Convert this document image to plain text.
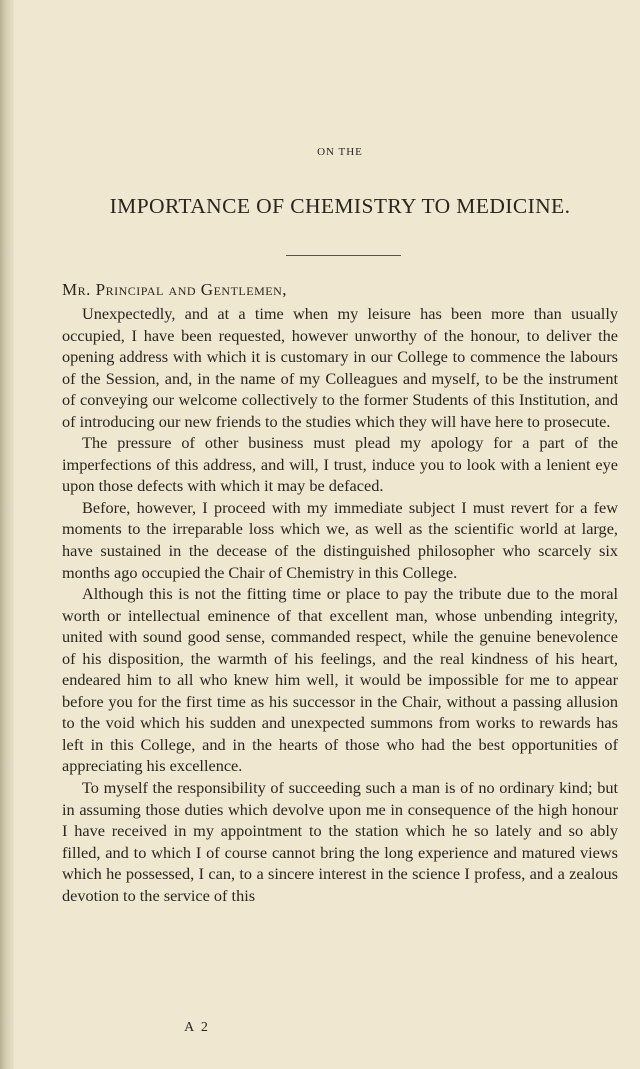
ON THE
IMPORTANCE OF CHEMISTRY TO MEDICINE.
Mr. Principal and Gentlemen,

Unexpectedly, and at a time when my leisure has been more than usually occupied, I have been requested, however unworthy of the honour, to deliver the opening address with which it is customary in our College to commence the labours of the Session, and, in the name of my Colleagues and myself, to be the instrument of conveying our welcome collectively to the former Students of this Institution, and of introducing our new friends to the studies which they will have here to prosecute.

The pressure of other business must plead my apology for a part of the imperfections of this address, and will, I trust, induce you to look with a lenient eye upon those defects with which it may be defaced.

Before, however, I proceed with my immediate subject I must revert for a few moments to the irreparable loss which we, as well as the scientific world at large, have sustained in the decease of the distinguished philosopher who scarcely six months ago occupied the Chair of Chemistry in this College.

Although this is not the fitting time or place to pay the tribute due to the moral worth or intellectual eminence of that excellent man, whose unbending integrity, united with sound good sense, commanded respect, while the genuine benevolence of his disposition, the warmth of his feelings, and the real kindness of his heart, endeared him to all who knew him well, it would be impossible for me to appear before you for the first time as his successor in the Chair, without a passing allusion to the void which his sudden and unexpected summons from works to rewards has left in this College, and in the hearts of those who had the best opportunities of appreciating his excellence.

To myself the responsibility of succeeding such a man is of no ordinary kind; but in assuming those duties which devolve upon me in consequence of the high honour I have received in my appointment to the station which he so lately and so ably filled, and to which I of course cannot bring the long experience and matured views which he possessed, I can, to a sincere interest in the science I profess, and a zealous devotion to the service of this

A 2
